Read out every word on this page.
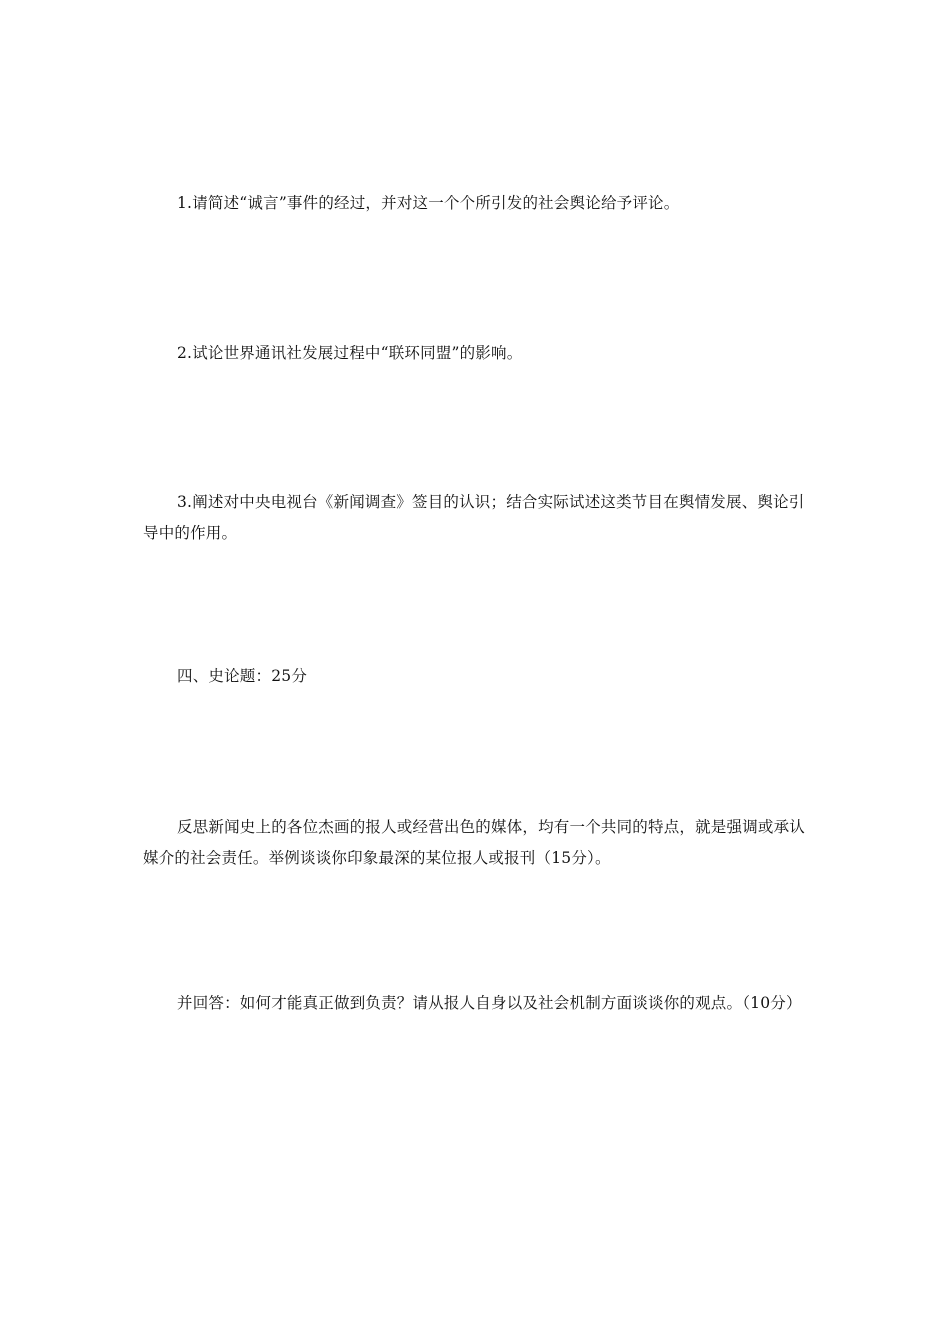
1.请简述“诚言”事件的经过，并对这一个个所引发的社会舆论给予评论。

2.试论世界通讯社发展过程中“联环同盟”的影响。

3.阐述对中央电视台《新闻调查》签目的认识；结合实际试述这类节目在舆情发展、舆论引导中的作用。

四、史论题：25分

反思新闻史上的各位杰画的报人或经营出色的媒体，均有一个共同的特点，就是强调或承认媒介的社会责任。举例谈谈你印象最深的某位报人或报刊（15分）。

并回答：如何才能真正做到负责？请从报人自身以及社会机制方面谈谈你的观点。（10分）
